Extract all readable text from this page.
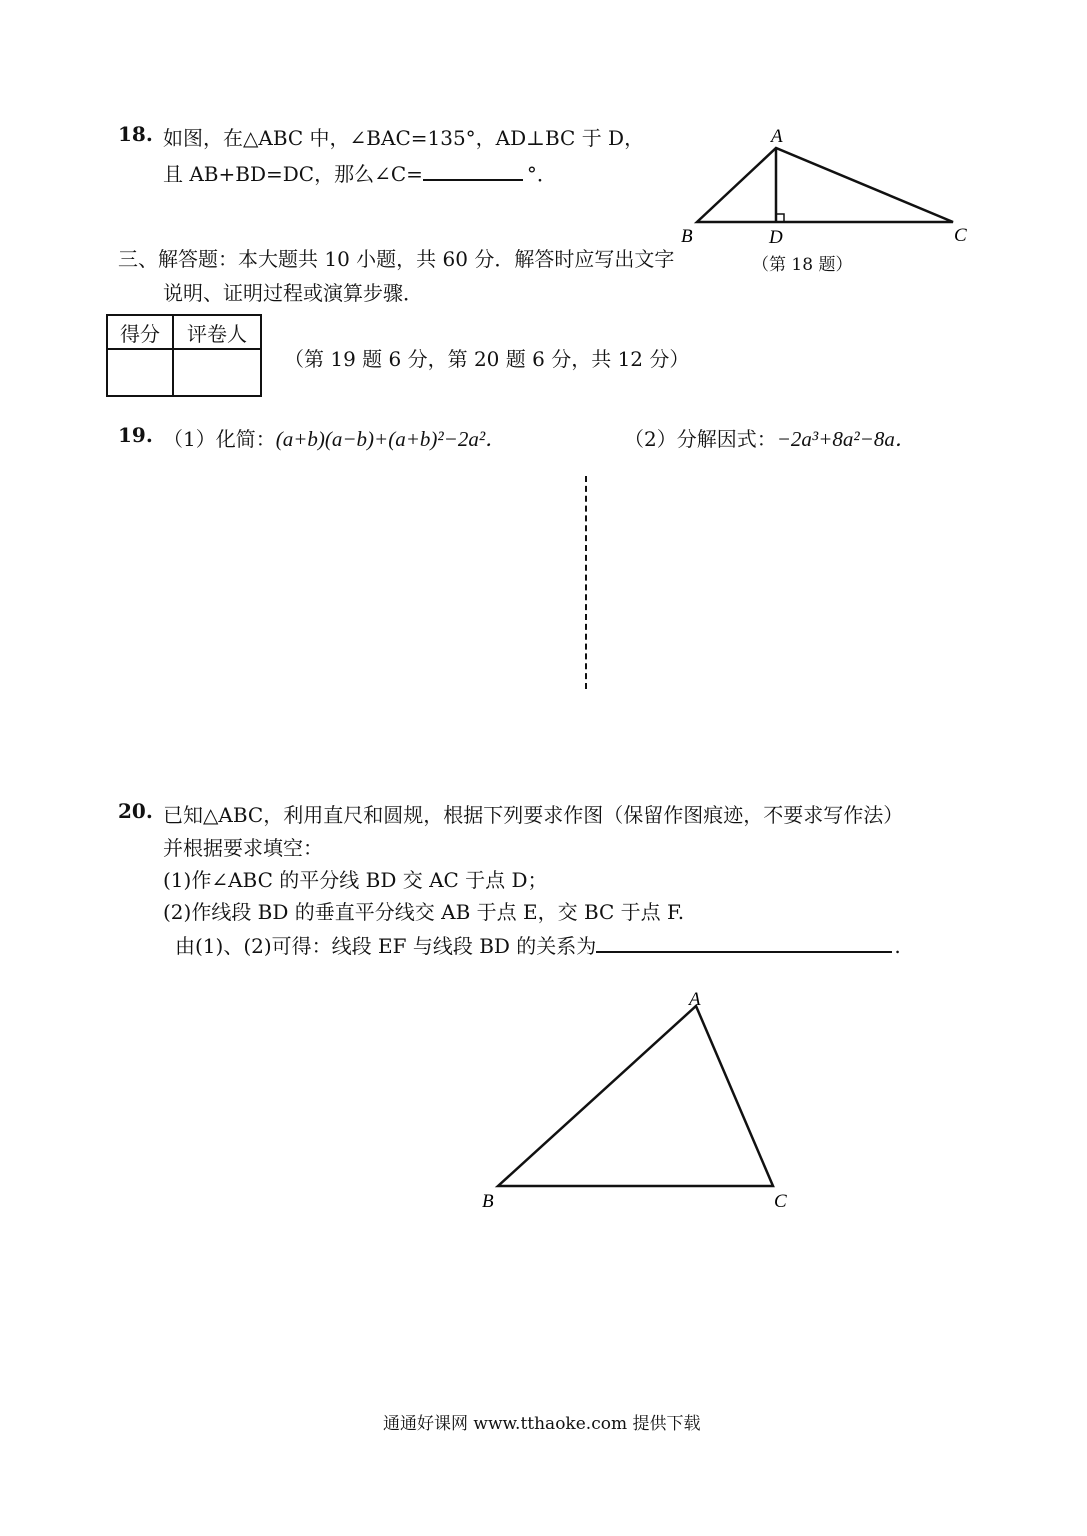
18. 如图，在△ABC 中，∠BAC=135°，AD⊥BC 于 D，
且 AB+BD=DC，那么∠C=	°．
A
B	D	C
（第 18 题）
三、解答题：本大题共 10 小题，共 60 分．解答时应写出文字
说明、证明过程或演算步骤．
得分	评卷人

（第 19 题 6 分，第 20 题 6 分，共 12 分）
19. （1）化简：(a+b)(a−b)+(a+b)²−2a²．	（2）分解因式：−2a³+8a²−8a．
20. 已知△ABC，利用直尺和圆规，根据下列要求作图（保留作图痕迹，不要求写作法）
并根据要求填空：
(1)作∠ABC 的平分线 BD 交 AC 于点 D；
(2)作线段 BD 的垂直平分线交 AB 于点 E，交 BC 于点 F.
由(1)、(2)可得：线段 EF 与线段 BD 的关系为	.
A
B	C
通通好课网 www.tthaoke.com 提供下载
